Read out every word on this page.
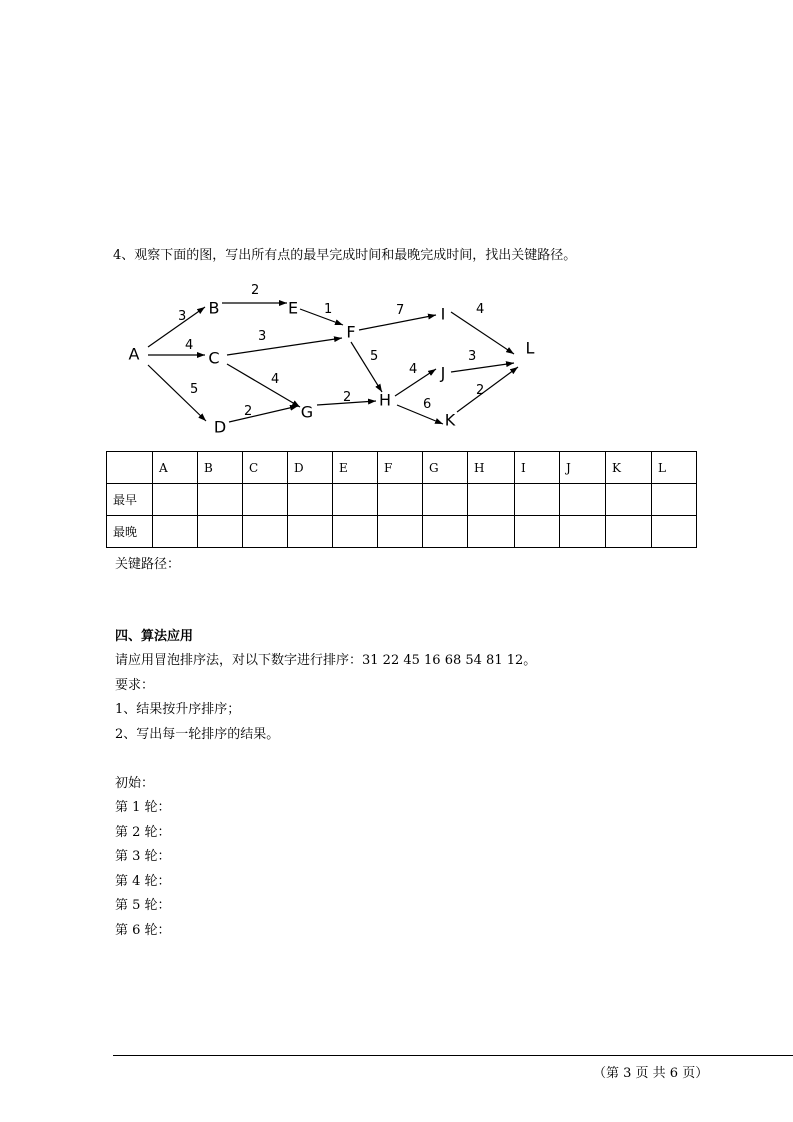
4、观察下面的图，写出所有点的最早完成时间和最晚完成时间，找出关键路径。
3
4
5
2
1
3
4
2
7
5
2
4
6
4
3
2
A
B
C
D
E
F
G
H
I
J
K
L
	A	B	C	D	E	F	G	H	I	J	K	L
最早												
最晚												
关键路径：
四、算法应用
请应用冒泡排序法，对以下数字进行排序：31 22 45 16 68 54 81 12。
要求：
1、结果按升序排序；
2、写出每一轮排序的结果。
初始：
第 1 轮：
第 2 轮：
第 3 轮：
第 4 轮：
第 5 轮：
第 6 轮：
（第 3 页 共 6 页）
